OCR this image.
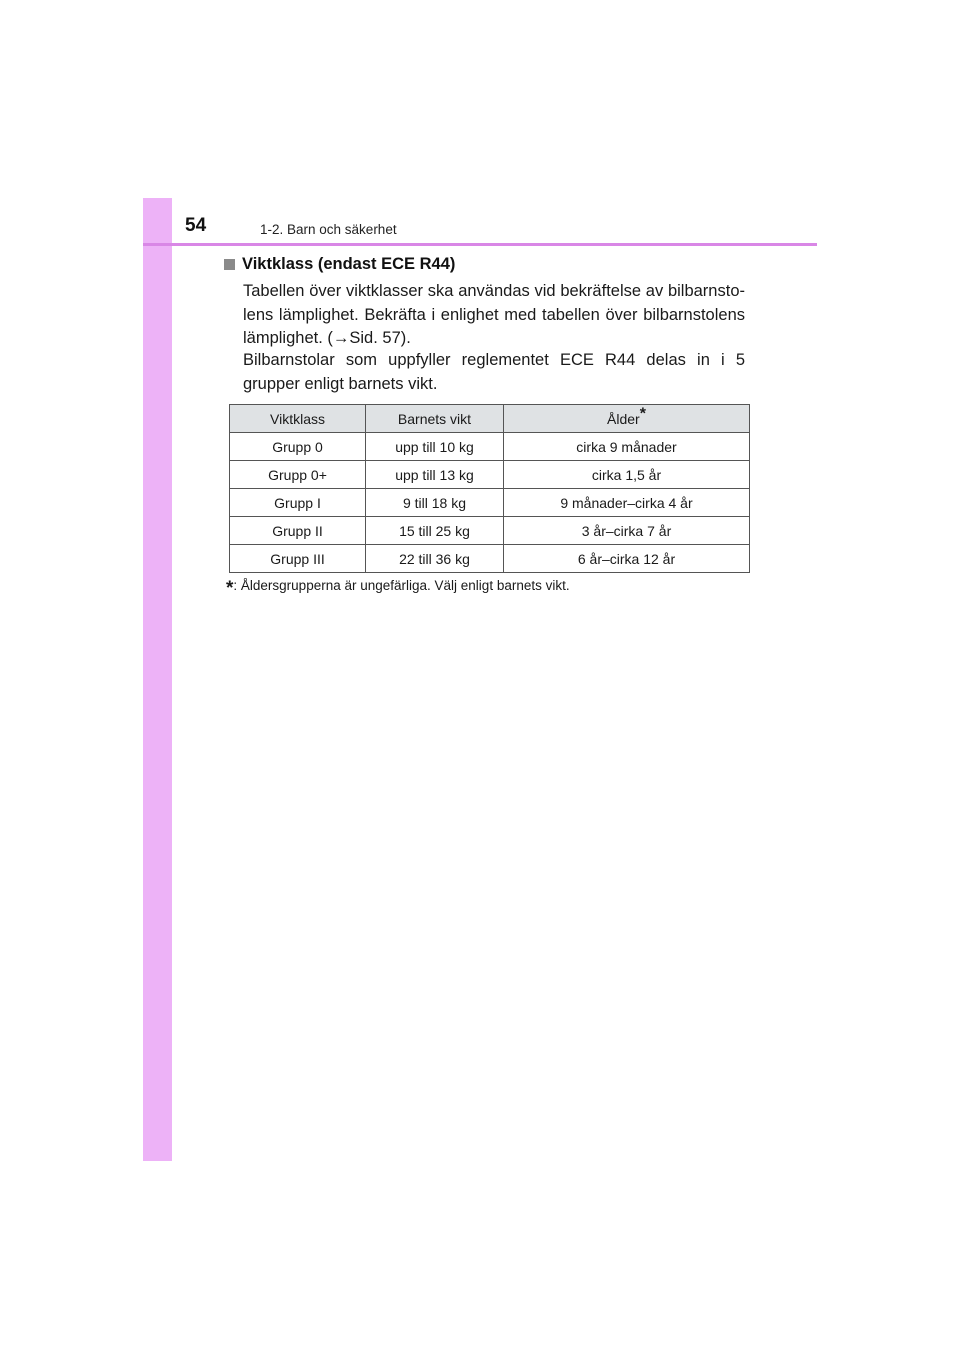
54	1-2. Barn och säkerhet
Viktklass (endast ECE R44)

Tabellen över viktklasser ska användas vid bekräftelse av bilbarnsto-lens lämplighet. Bekräfta i enlighet med tabellen över bilbarnstolens lämplighet. (→Sid. 57).

Bilbarnstolar som uppfyller reglementet ECE R44 delas in i 5 grupper enligt barnets vikt.

Viktklass	Barnets vikt	Ålder*
Grupp 0	upp till 10 kg	cirka 9 månader
Grupp 0+	upp till 13 kg	cirka 1,5 år
Grupp I	9 till 18 kg	9 månader–cirka 4 år
Grupp II	15 till 25 kg	3 år–cirka 7 år
Grupp III	22 till 36 kg	6 år–cirka 12 år
*: Åldersgrupperna är ungefärliga. Välj enligt barnets vikt.
